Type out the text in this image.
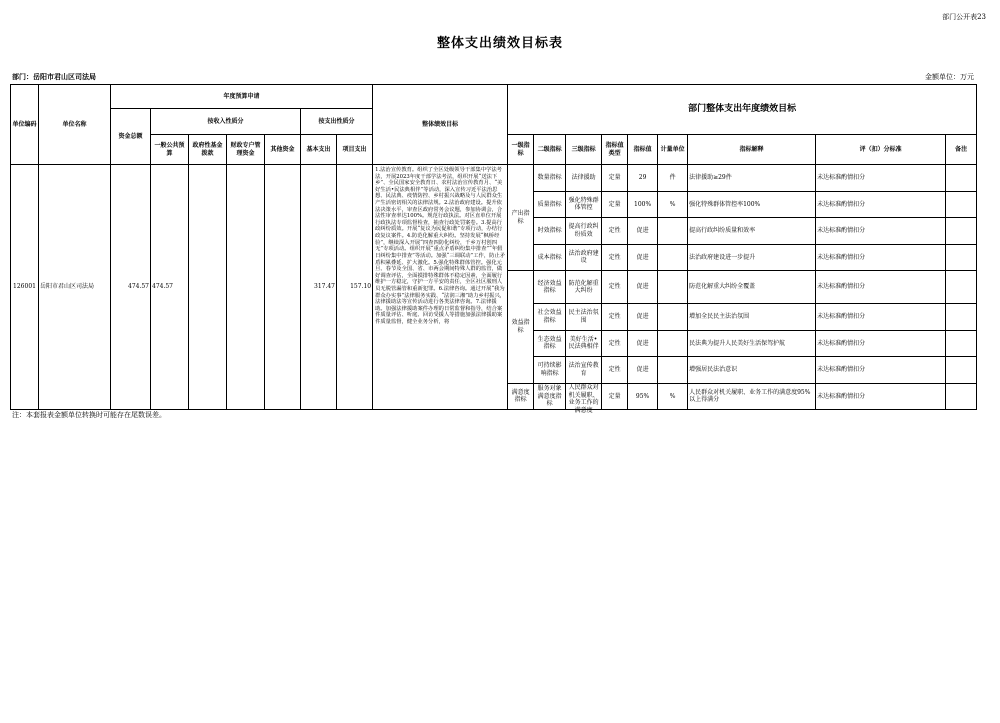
部门公开表23
整体支出绩效目标表
部门：岳阳市君山区司法局	金额单位：万元
单位编码	单位名称	年度预算申请							整体绩效目标	部门整体支出年度绩效目标								
		资金总额	按收入性质分				按支出性质分											
			一般公共预算	政府性基金拨款	财政专户管理资金	其他资金	基本支出	项目支出		一级指标	二级指标	三级指标	指标值类型	指标值	计量单位	指标解释	评（扣）分标准	备注
126001	岳阳市君山区司法局	474.57	474.57				317.47	157.10	1.法治宣传教育。组织了全区处级领导干部集中学法考法，开展2023年度干部学法考法，组织开展“送法下乡”、全民国家安全教育日、农村法治宣传教育月、“美好生活•民法典相伴”等活动，深入宣传习近平法治思想、民法典、疫情防控、乡村振兴战略及与人民群众生产生活密切相关的法律法规。2.法治政府建设。提升依法决策水平，审查区政府常务会议题，参加协调会，合法性审查率达100%。规范行政执法。对区直单位开展行政执法专项监督检查，抽查行政处罚案卷。3.提高行政纠纷质效。开展“复议为民促和谐”专项行动，办结行政复议案件。4.防范化解重大纠纷。坚持发展“枫桥经验”，继续深入开展“四查四防化纠纷，千乡万村创四无”专项活动。组织开展“重点矛盾纠纷集中排查”“年假日纠纷集中排查”等活动。加强“三调联动”工作，防止矛盾积累叠延、扩大激化。5.强化特殊群体管控。强化元旦、春节及全国、省、市两会期间特殊人群的监管，做好调查评估，全面摸排特殊群体不稳定因素，全面履行维护一方稳定，守护一方平安的责任，全区社区服刑人员无脱管漏管和重新犯罪。6.法律咨询。通过开展“我为群众办实事”法律服务实践、“法润三湘”助力乡村振兴，法律援助法等宣传活动进行各类法律咨询。7.法律援助。加强法律援助案件办理的日常监督和指导，结合案件质量评估、听庭、回访受援人等措施加强法律援助案件质量监督，健全业务分析，将	产出指标	数量指标	法律援助	定量	29	件	法律援助≥29件	未达标准酌情扣分	
											质量指标	强化特殊群体管控	定量	100%	%	强化特殊群体管控率100%	未达标准酌情扣分	
											时效指标	提高行政纠纷质效	定性	促进		提高行政纠纷质量和效率	未达标准酌情扣分	
											成本指标	法治政府建设	定性	促进		法治政府建设进一步提升	未达标准酌情扣分	
										效益指标	经济效益指标	防范化解重大纠纷	定性	促进		防范化解重大纠纷全覆盖	未达标准酌情扣分	
											社会效益指标	民主法治氛围	定性	促进		增加全民民主法治氛围	未达标准酌情扣分	
											生态效益指标	美好生活•民法典相伴	定性	促进		民法典为提升人民美好生活保驾护航	未达标准酌情扣分	
											可持续影响指标	法治宣传教育	定性	促进		增强居民法治意识	未达标准酌情扣分	
										满意度指标	服务对象满意度指标	人民群众对机关履职、业务工作的满意度	定量	95%	%	人民群众对机关履职、业务工作的满意度95%以上得满分	未达标准酌情扣分	
注：本套报表金额单位转换时可能存在尾数误差。
